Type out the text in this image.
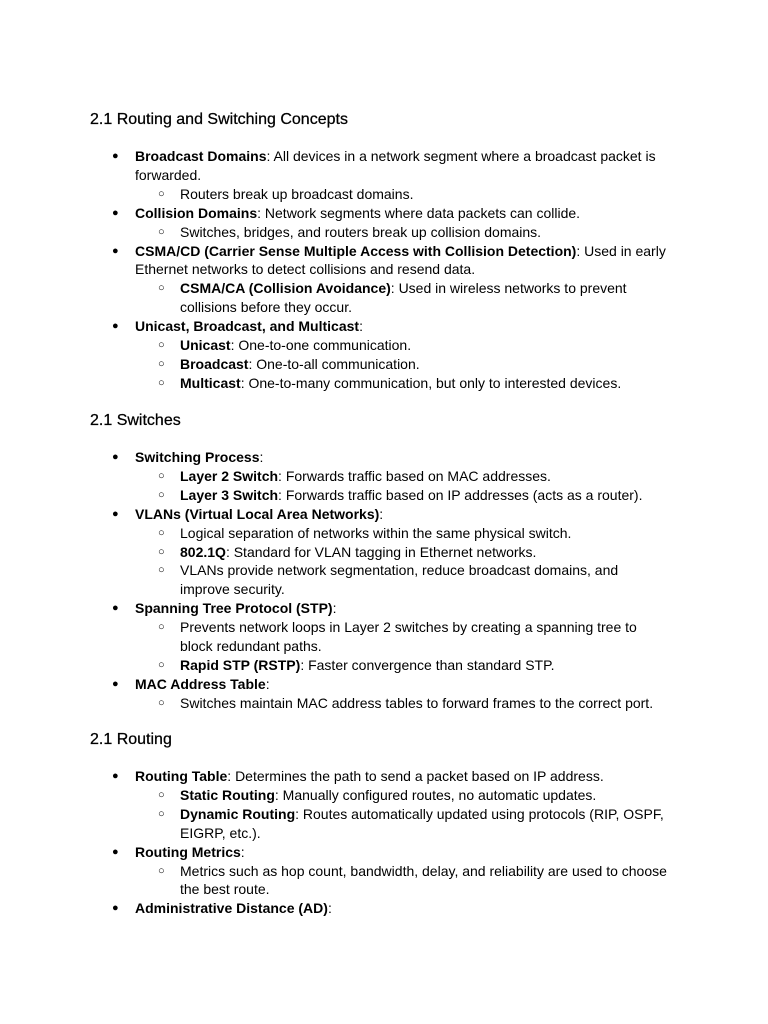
2.1 Routing and Switching Concepts
● Broadcast Domains: All devices in a network segment where a broadcast packet is forwarded.
○ Routers break up broadcast domains.
● Collision Domains: Network segments where data packets can collide.
○ Switches, bridges, and routers break up collision domains.
● CSMA/CD (Carrier Sense Multiple Access with Collision Detection): Used in early Ethernet networks to detect collisions and resend data.
○ CSMA/CA (Collision Avoidance): Used in wireless networks to prevent collisions before they occur.
● Unicast, Broadcast, and Multicast:
○ Unicast: One-to-one communication.
○ Broadcast: One-to-all communication.
○ Multicast: One-to-many communication, but only to interested devices.
2.1 Switches
● Switching Process:
○ Layer 2 Switch: Forwards traffic based on MAC addresses.
○ Layer 3 Switch: Forwards traffic based on IP addresses (acts as a router).
● VLANs (Virtual Local Area Networks):
○ Logical separation of networks within the same physical switch.
○ 802.1Q: Standard for VLAN tagging in Ethernet networks.
○ VLANs provide network segmentation, reduce broadcast domains, and improve security.
● Spanning Tree Protocol (STP):
○ Prevents network loops in Layer 2 switches by creating a spanning tree to block redundant paths.
○ Rapid STP (RSTP): Faster convergence than standard STP.
● MAC Address Table:
○ Switches maintain MAC address tables to forward frames to the correct port.
2.1 Routing
● Routing Table: Determines the path to send a packet based on IP address.
○ Static Routing: Manually configured routes, no automatic updates.
○ Dynamic Routing: Routes automatically updated using protocols (RIP, OSPF, EIGRP, etc.).
● Routing Metrics:
○ Metrics such as hop count, bandwidth, delay, and reliability are used to choose the best route.
● Administrative Distance (AD):
